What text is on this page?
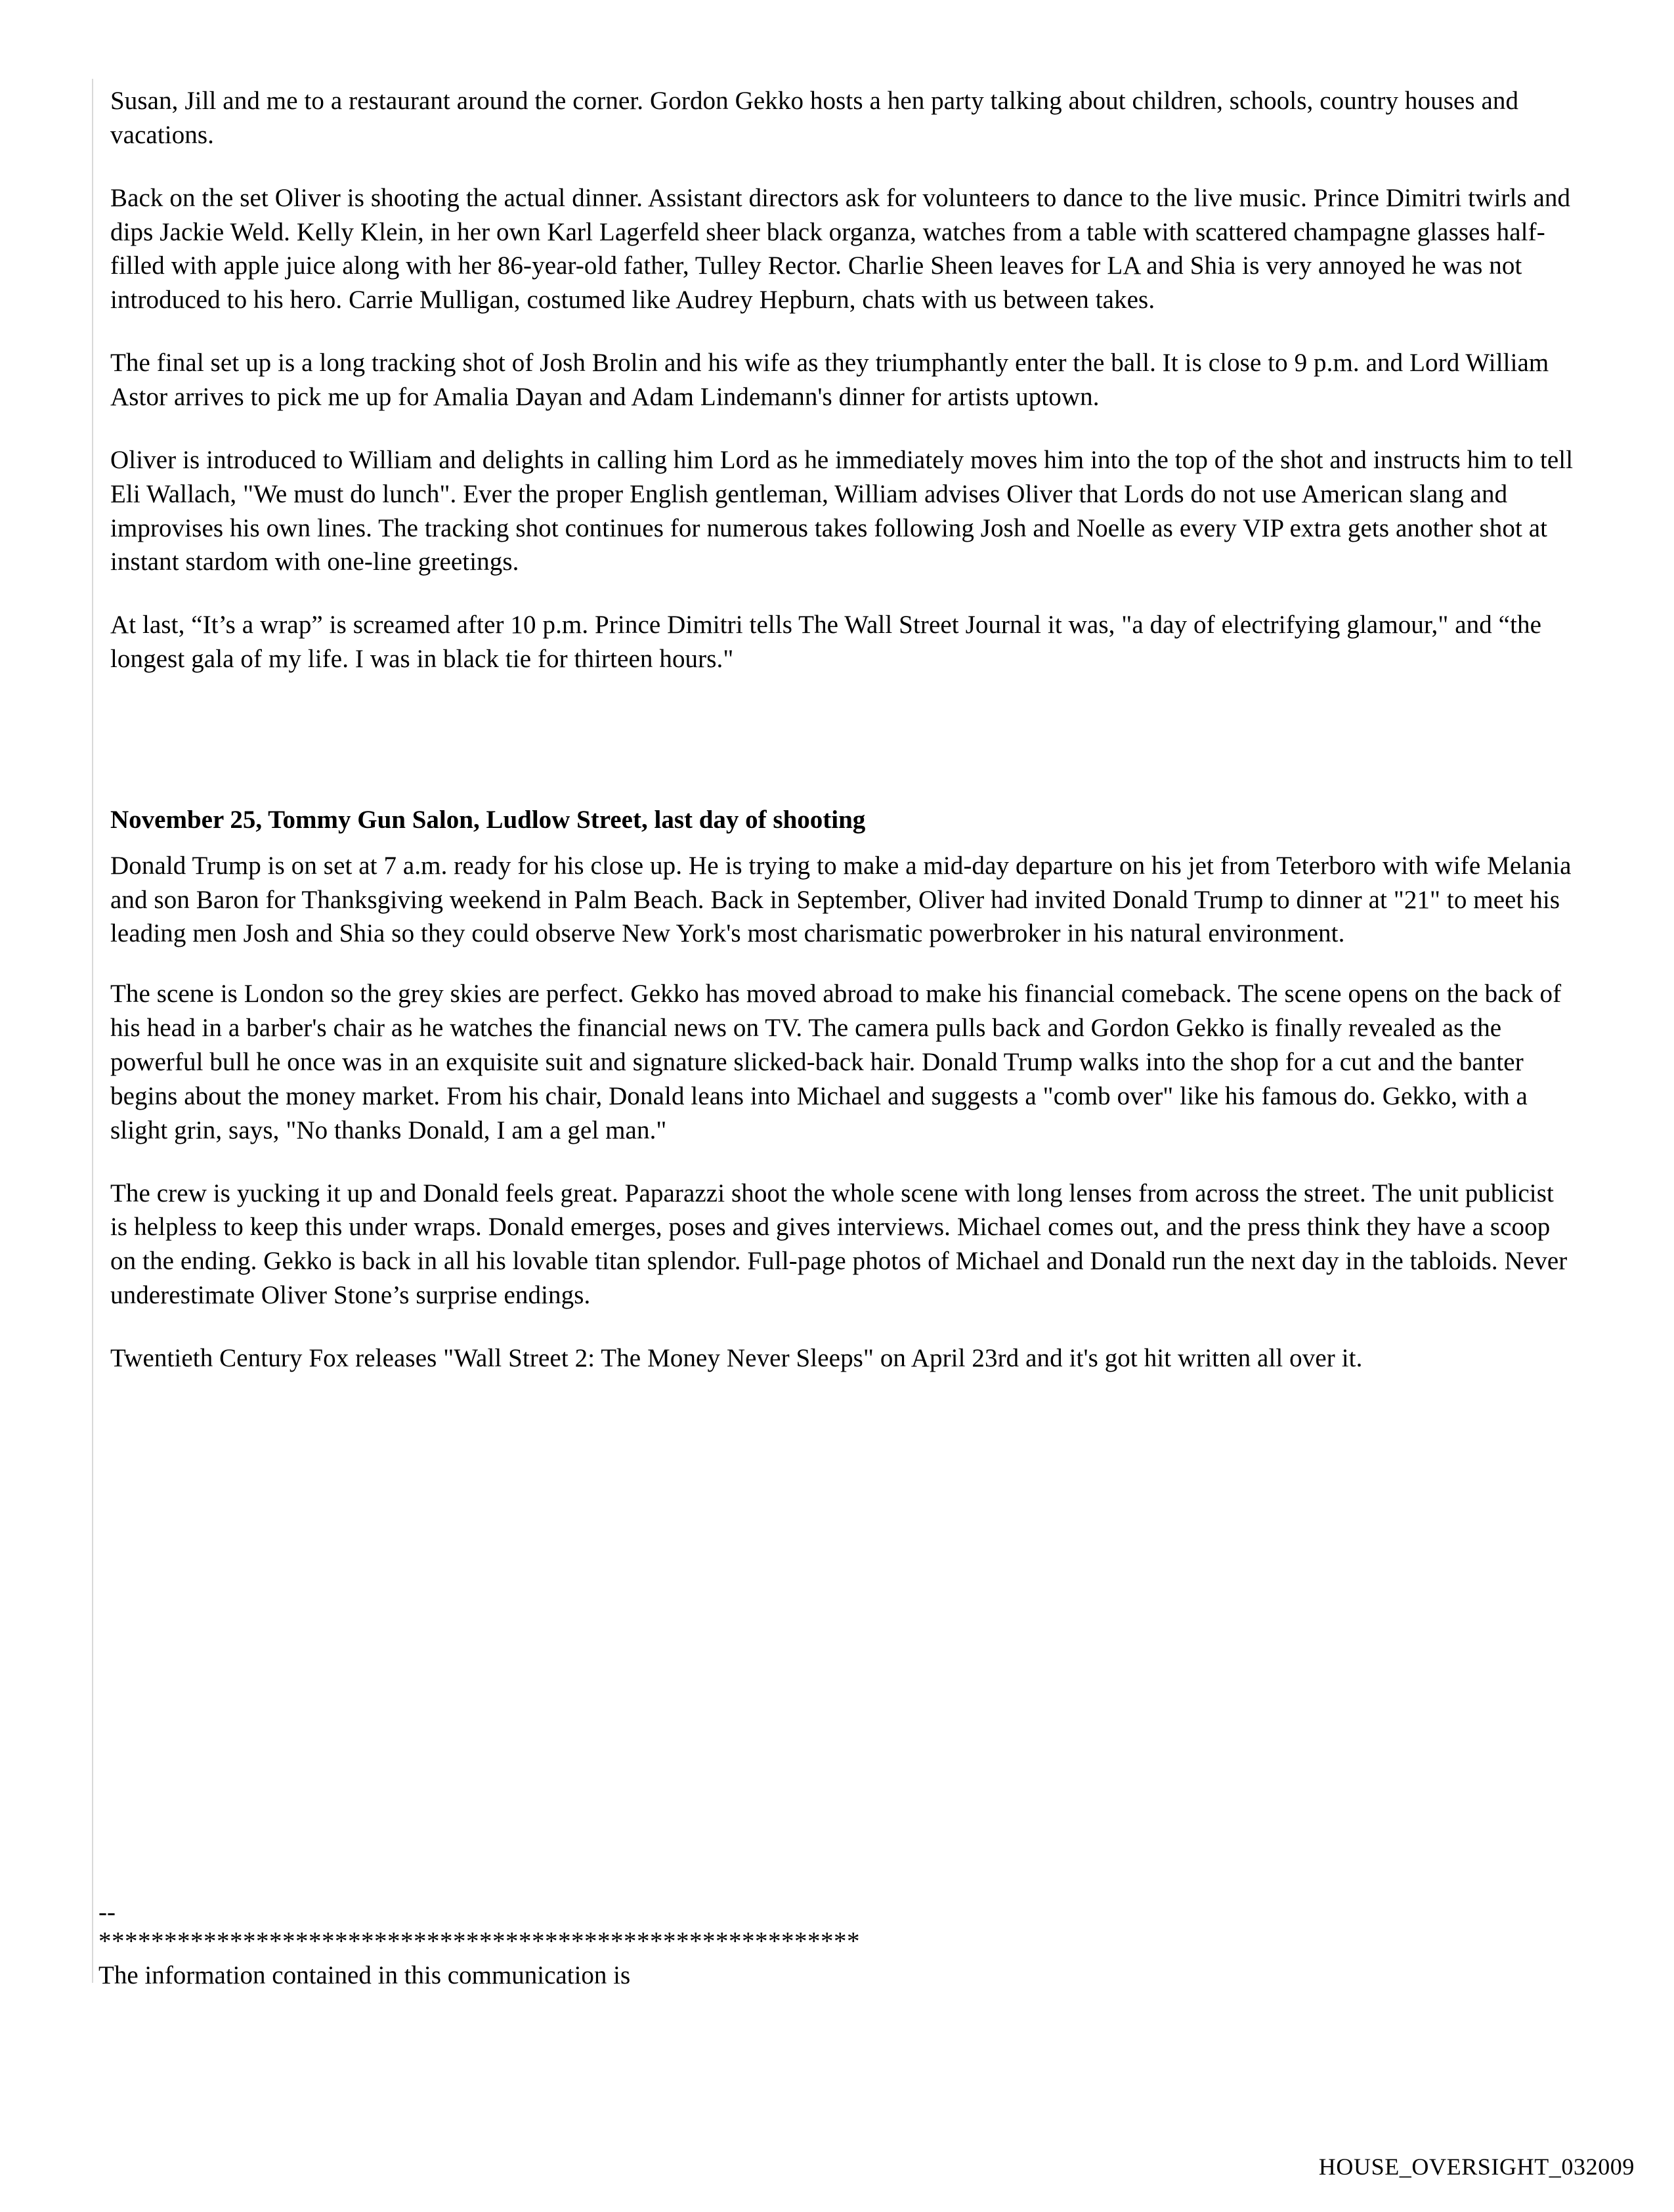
Susan, Jill and me to a restaurant around the corner. Gordon Gekko hosts a hen party talking about children, schools, country houses and vacations.

Back on the set Oliver is shooting the actual dinner. Assistant directors ask for volunteers to dance to the live music. Prince Dimitri twirls and dips Jackie Weld. Kelly Klein, in her own Karl Lagerfeld sheer black organza, watches from a table with scattered champagne glasses half-filled with apple juice along with her 86-year-old father, Tulley Rector. Charlie Sheen leaves for LA and Shia is very annoyed he was not introduced to his hero. Carrie Mulligan, costumed like Audrey Hepburn, chats with us between takes.

The final set up is a long tracking shot of Josh Brolin and his wife as they triumphantly enter the ball. It is close to 9 p.m. and Lord William Astor arrives to pick me up for Amalia Dayan and Adam Lindemann's dinner for artists uptown.

Oliver is introduced to William and delights in calling him Lord as he immediately moves him into the top of the shot and instructs him to tell Eli Wallach, "We must do lunch". Ever the proper English gentleman, William advises Oliver that Lords do not use American slang and improvises his own lines. The tracking shot continues for numerous takes following Josh and Noelle as every VIP extra gets another shot at instant stardom with one-line greetings.

At last, “It’s a wrap” is screamed after 10 p.m. Prince Dimitri tells The Wall Street Journal it was, "a day of electrifying glamour," and “the longest gala of my life. I was in black tie for thirteen hours."

November 25, Tommy Gun Salon, Ludlow Street, last day of shooting

Donald Trump is on set at 7 a.m. ready for his close up. He is trying to make a mid-day departure on his jet from Teterboro with wife Melania and son Baron for Thanksgiving weekend in Palm Beach. Back in September, Oliver had invited Donald Trump to dinner at "21" to meet his leading men Josh and Shia so they could observe New York's most charismatic powerbroker in his natural environment.

The scene is London so the grey skies are perfect. Gekko has moved abroad to make his financial comeback. The scene opens on the back of his head in a barber's chair as he watches the financial news on TV. The camera pulls back and Gordon Gekko is finally revealed as the powerful bull he once was in an exquisite suit and signature slicked-back hair. Donald Trump walks into the shop for a cut and the banter begins about the money market. From his chair, Donald leans into Michael and suggests a "comb over" like his famous do. Gekko, with a slight grin, says, "No thanks Donald, I am a gel man."

The crew is yucking it up and Donald feels great. Paparazzi shoot the whole scene with long lenses from across the street. The unit publicist is helpless to keep this under wraps. Donald emerges, poses and gives interviews. Michael comes out, and the press think they have a scoop on the ending. Gekko is back in all his lovable titan splendor. Full-page photos of Michael and Donald run the next day in the tabloids. Never underestimate Oliver Stone’s surprise endings.

Twentieth Century Fox releases "Wall Street 2: The Money Never Sleeps" on April 23rd and it's got hit written all over it.

--

**********************************************************

The information contained in this communication is

HOUSE_OVERSIGHT_032009
